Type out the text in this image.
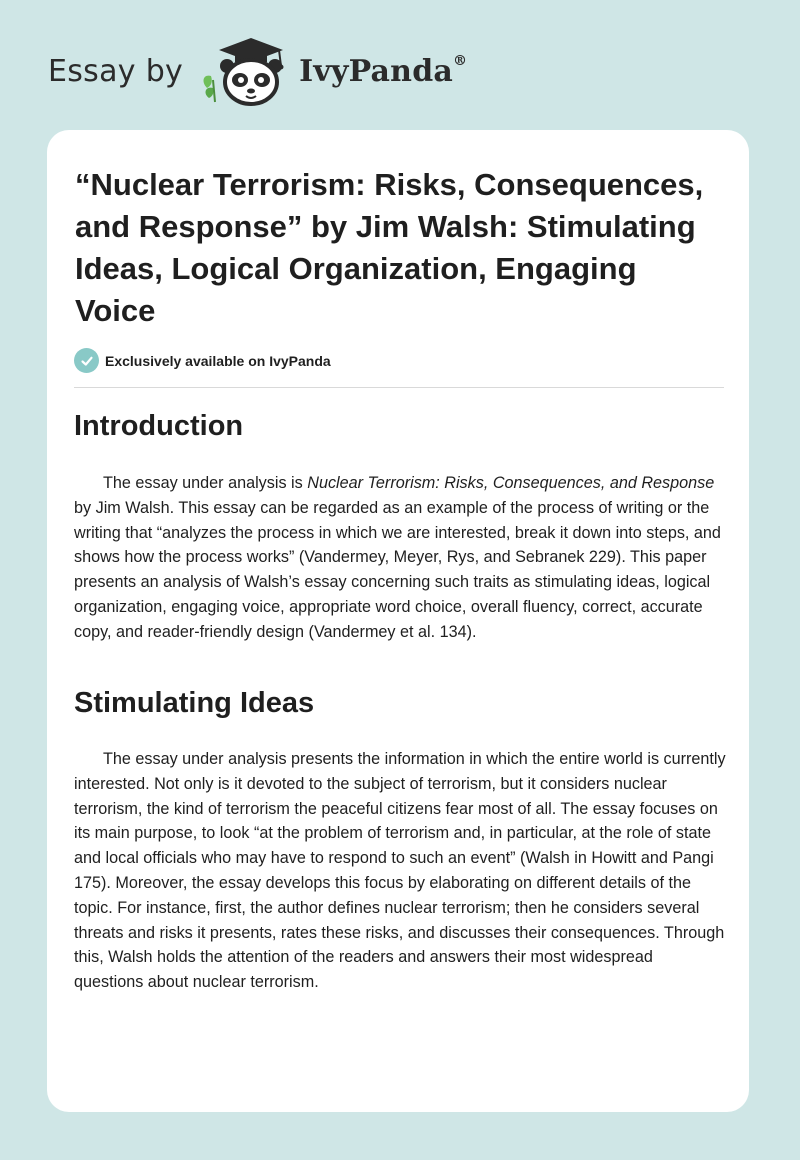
Essay by	IvyPanda®
“Nuclear Terrorism: Risks, Consequences, and Response” by Jim Walsh: Stimulating Ideas, Logical Organization, Engaging Voice
Exclusively available on IvyPanda
Introduction

The essay under analysis is Nuclear Terrorism: Risks, Consequences, and Response by Jim Walsh. This essay can be regarded as an example of the process of writing or the writing that “analyzes the process in which we are interested, break it down into steps, and shows how the process works” (Vandermey, Meyer, Rys, and Sebranek 229). This paper presents an analysis of Walsh’s essay concerning such traits as stimulating ideas, logical organization, engaging voice, appropriate word choice, overall fluency, correct, accurate copy, and reader-friendly design (Vandermey et al. 134).

Stimulating Ideas

The essay under analysis presents the information in which the entire world is currently interested. Not only is it devoted to the subject of terrorism, but it considers nuclear terrorism, the kind of terrorism the peaceful citizens fear most of all. The essay focuses on its main purpose, to look “at the problem of terrorism and, in particular, at the role of state and local officials who may have to respond to such an event” (Walsh in Howitt and Pangi 175). Moreover, the essay develops this focus by elaborating on different details of the topic. For instance, first, the author defines nuclear terrorism; then he considers several threats and risks it presents, rates these risks, and discusses their consequences. Through this, Walsh holds the attention of the readers and answers their most widespread questions about nuclear terrorism.
